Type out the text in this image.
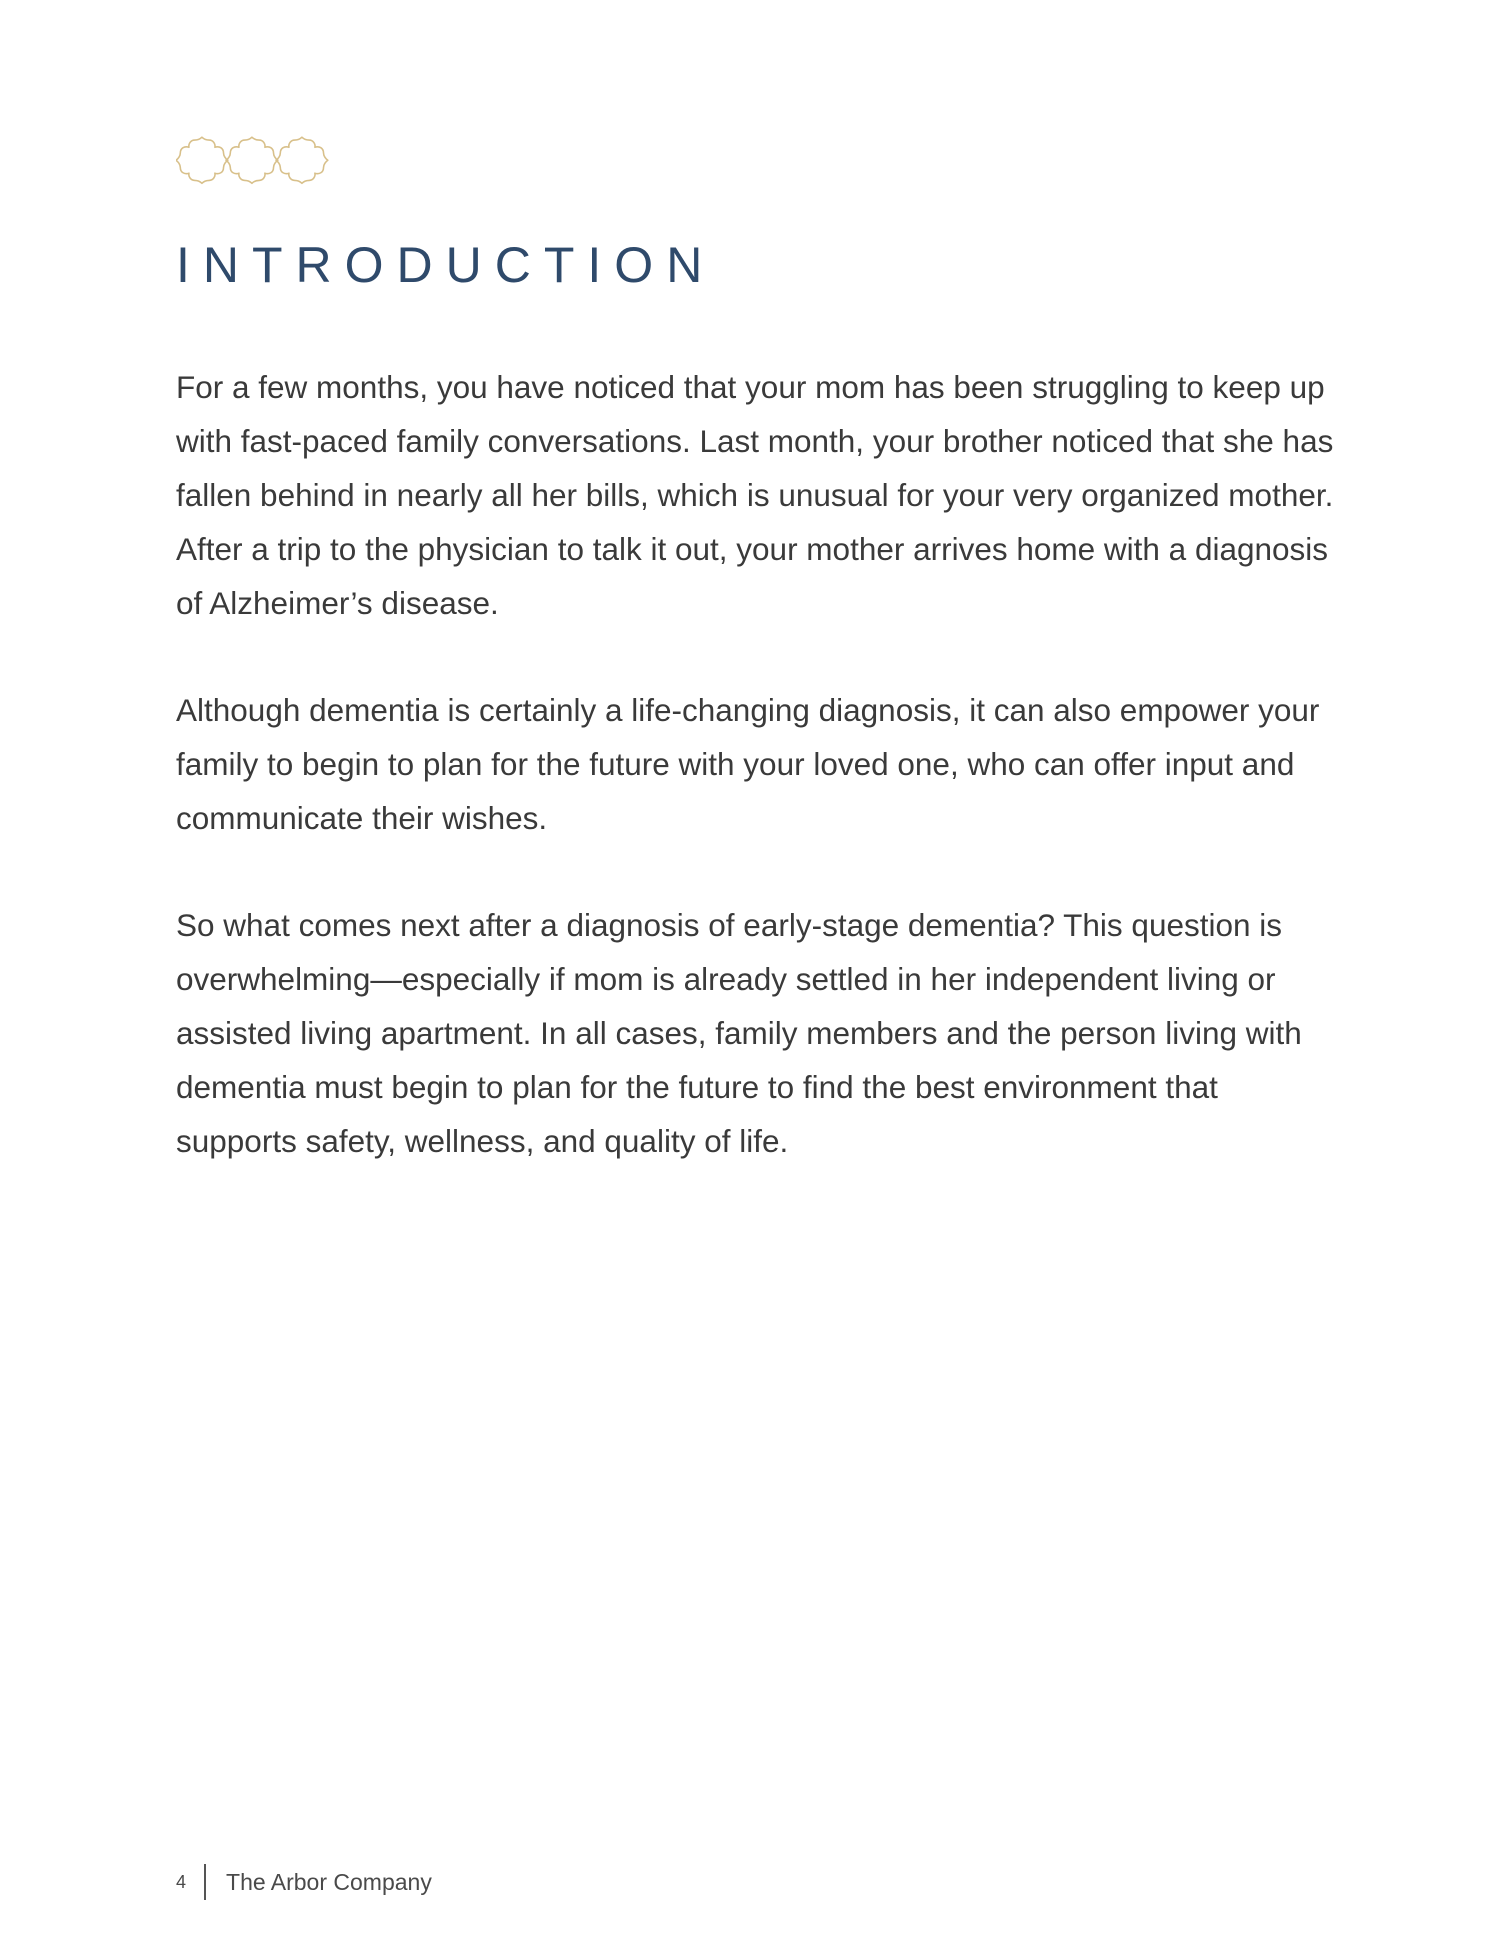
INTRODUCTION

For a few months, you have noticed that your mom has been struggling to keep up with fast-paced family conversations. Last month, your brother noticed that she has fallen behind in nearly all her bills, which is unusual for your very organized mother. After a trip to the physician to talk it out, your mother arrives home with a diagnosis of Alzheimer’s disease.

Although dementia is certainly a life-changing diagnosis, it can also empower your family to begin to plan for the future with your loved one, who can offer input and communicate their wishes.

So what comes next after a diagnosis of early-stage dementia? This question is overwhelming—especially if mom is already settled in her independent living or assisted living apartment. In all cases, family members and the person living with dementia must begin to plan for the future to find the best environment that supports safety, wellness, and quality of life.

4 The Arbor Company
